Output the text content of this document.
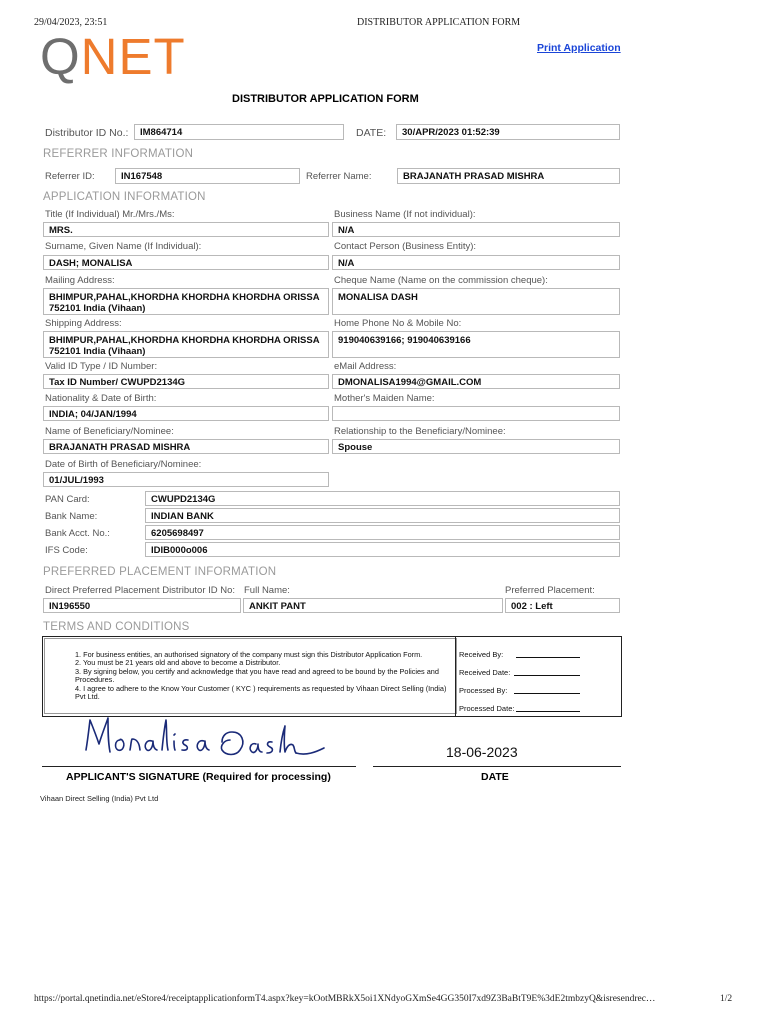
29/04/2023, 23:51	DISTRIBUTOR APPLICATION FORM
QNET	Print Application
DISTRIBUTOR APPLICATION FORM
Distributor ID No.:	IM864714	DATE:	30/APR/2023 01:52:39
REFERRER INFORMATION
Referrer ID:	IN167548	Referrer Name:	BRAJANATH PRASAD MISHRA
APPLICATION INFORMATION
Title (If Individual) Mr./Mrs./Ms:
MRS.
Business Name (If not individual):
N/A
Surname, Given Name (If Individual):
DASH; MONALISA
Contact Person (Business Entity):
N/A
Mailing Address:
BHIMPUR,PAHAL,KHORDHA KHORDHA KHORDHA ORISSA 752101 India (Vihaan)
Cheque Name (Name on the commission cheque):
MONALISA DASH
Shipping Address:
BHIMPUR,PAHAL,KHORDHA KHORDHA KHORDHA ORISSA 752101 India (Vihaan)
Home Phone No & Mobile No:
919040639166; 919040639166
Valid ID Type / ID Number:
Tax ID Number/ CWUPD2134G
eMail Address:
DMONALISA1994@GMAIL.COM
Nationality & Date of Birth:
INDIA; 04/JAN/1994
Mother's Maiden Name:
Name of Beneficiary/Nominee:
BRAJANATH PRASAD MISHRA
Relationship to the Beneficiary/Nominee:
Spouse
Date of Birth of Beneficiary/Nominee:
01/JUL/1993
PAN Card:	CWUPD2134G
Bank Name:	INDIAN BANK
Bank Acct. No.:	6205698497
IFS Code:	IDIB000o006
PREFERRED PLACEMENT INFORMATION
Direct Preferred Placement Distributor ID No:
IN196550
Full Name:
ANKIT PANT
Preferred Placement:
002 : Left
TERMS AND CONDITIONS
1. For business entities, an authorised signatory of the company must sign this Distributor Application Form.
2. You must be 21 years old and above to become a Distributor.
3. By signing below, you certify and acknowledge that you have read and agreed to be bound by the Policies and Procedures.
4. I agree to adhere to the Know Your Customer ( KYC ) requirements as requested by Vihaan Direct Selling (India) Pvt Ltd.
Received By:
Received Date:
Processed By:
Processed Date:
18-06-2023
APPLICANT'S SIGNATURE (Required for processing)	DATE
Vihaan Direct Selling (India) Pvt Ltd
https://portal.qnetindia.net/eStore4/receiptapplicationformT4.aspx?key=kOotMBRkX5oi1XNdyoGXmSe4GG350I7xd9Z3BaBtT9E%3dE2tmbzyQ&isresendrec…	1/2
